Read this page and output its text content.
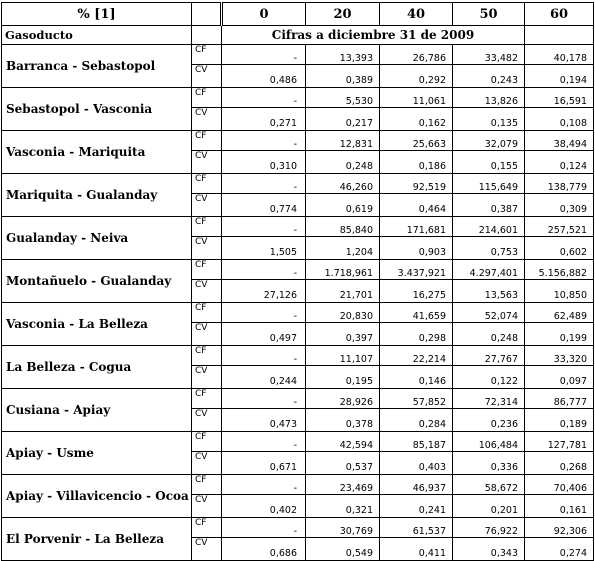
% [1]		0	20	40	50	60
Gasoducto		Cifras a diciembre 31 de 2009				
Barranca - Sebastopol	CF	-	13,393	26,786	33,482	40,178
	CV	0,486	0,389	0,292	0,243	0,194
Sebastopol - Vasconia	CF	-	5,530	11,061	13,826	16,591
	CV	0,271	0,217	0,162	0,135	0,108
Vasconia - Mariquita	CF	-	12,831	25,663	32,079	38,494
	CV	0,310	0,248	0,186	0,155	0,124
Mariquita - Gualanday	CF	-	46,260	92,519	115,649	138,779
	CV	0,774	0,619	0,464	0,387	0,309
Gualanday - Neiva	CF	-	85,840	171,681	214,601	257,521
	CV	1,505	1,204	0,903	0,753	0,602
Montañuelo - Gualanday	CF	-	1.718,961	3.437,921	4.297,401	5.156,882
	CV	27,126	21,701	16,275	13,563	10,850
Vasconia - La Belleza	CF	-	20,830	41,659	52,074	62,489
	CV	0,497	0,397	0,298	0,248	0,199
La Belleza - Cogua	CF	-	11,107	22,214	27,767	33,320
	CV	0,244	0,195	0,146	0,122	0,097
Cusiana - Apiay	CF	-	28,926	57,852	72,314	86,777
	CV	0,473	0,378	0,284	0,236	0,189
Apiay - Usme	CF	-	42,594	85,187	106,484	127,781
	CV	0,671	0,537	0,403	0,336	0,268
Apiay - Villavicencio - Ocoa	CF	-	23,469	46,937	58,672	70,406
	CV	0,402	0,321	0,241	0,201	0,161
El Porvenir - La Belleza	CF	-	30,769	61,537	76,922	92,306
	CV	0,686	0,549	0,411	0,343	0,274
